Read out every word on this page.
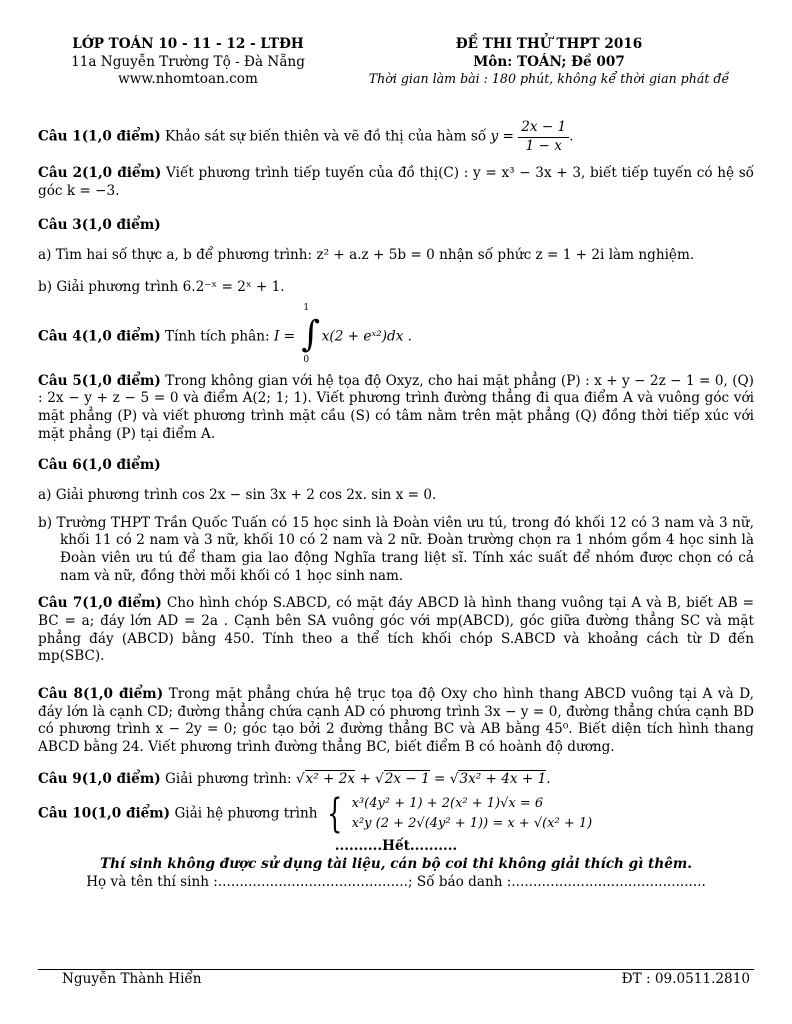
LỚP TOÁN 10 - 11 - 12 - LTĐH
11a Nguyễn Trường Tộ - Đà Nẵng
www.nhomtoan.com
ĐỀ THI THỬ THPT 2016
Môn: TOÁN; Đề 007
Thời gian làm bài : 180 phút, không kể thời gian phát đề

Câu 1(1,0 điểm) Khảo sát sự biến thiên và vẽ đồ thị của hàm số $y = \frac{2x - 1}{1 - x}$ .

Câu 2(1,0 điểm) Viết phương trình tiếp tuyến của đồ thị(C) : y = x³ − 3x + 3, biết tiếp tuyến có hệ số góc k = −3.

Câu 3(1,0 điểm)

a) Tìm hai số thực a, b để phương trình: z² + a.z + 5b = 0 nhận số phức z = 1 + 2i làm nghiệm.

b) Giải phương trình 6.2⁻ˣ = 2ˣ + 1.

Câu 4(1,0 điểm) Tính tích phân: I =
1
∫
0
x(2 + eˣ²)dx .

Câu 5(1,0 điểm) Trong không gian với hệ tọa độ Oxyz, cho hai mặt phẳng (P) : x + y − 2z − 1 = 0, (Q) : 2x − y + z − 5 = 0 và điểm A(2; 1; 1). Viết phương trình đường thẳng đi qua điểm A và vuông góc với mặt phẳng (P) và viết phương trình mặt cầu (S) có tâm nằm trên mặt phẳng (Q) đồng thời tiếp xúc với mặt phẳng (P) tại điểm A.

Câu 6(1,0 điểm)

a) Giải phương trình cos 2x − sin 3x + 2 cos 2x. sin x = 0.

b) Trường THPT Trần Quốc Tuấn có 15 học sinh là Đoàn viên ưu tú, trong đó khối 12 có 3 nam và 3 nữ, khối 11 có 2 nam và 3 nữ, khối 10 có 2 nam và 2 nữ. Đoàn trường chọn ra 1 nhóm gồm 4 học sinh là Đoàn viên ưu tú để tham gia lao động Nghĩa trang liệt sĩ. Tính xác suất để nhóm được chọn có cả nam và nữ, đồng thời mỗi khối có 1 học sinh nam.

Câu 7(1,0 điểm) Cho hình chóp S.ABCD, có mặt đáy ABCD là hình thang vuông tại A và B, biết AB = BC = a; đáy lớn AD = 2a . Cạnh bên SA vuông góc với mp(ABCD), góc giữa đường thẳng SC và mặt phẳng đáy (ABCD) bằng 450. Tính theo a thể tích khối chóp S.ABCD và khoảng cách từ D đến mp(SBC).

Câu 8(1,0 điểm) Trong mặt phẳng chứa hệ trục tọa độ Oxy cho hình thang ABCD vuông tại A và D, đáy lớn là cạnh CD; đường thẳng chứa cạnh AD có phương trình 3x − y = 0, đường thẳng chứa cạnh BD có phương trình x − 2y = 0; góc tạo bởi 2 đường thẳng BC và AB bằng 45⁰. Biết diện tích hình thang ABCD bằng 24. Viết phương trình đường thẳng BC, biết điểm B có hoành độ dương.

Câu 9(1,0 điểm) Giải phương trình: √x² + 2x + √2x − 1 = √3x² + 4x + 1.

Câu 10(1,0 điểm) Giải hệ phương trình { x³(4y² + 1) + 2(x² + 1)√x = 6
x²y (2 + 2√(4y² + 1)) = x + √(x² + 1)

..........Hết..........
Thí sinh không được sử dụng tài liệu, cán bộ coi thi không giải thích gì thêm.
Họ và tên thí sinh :............................................; Số báo danh :.............................................
Nguyễn Thành Hiển	ĐT : 09.0511.2810
